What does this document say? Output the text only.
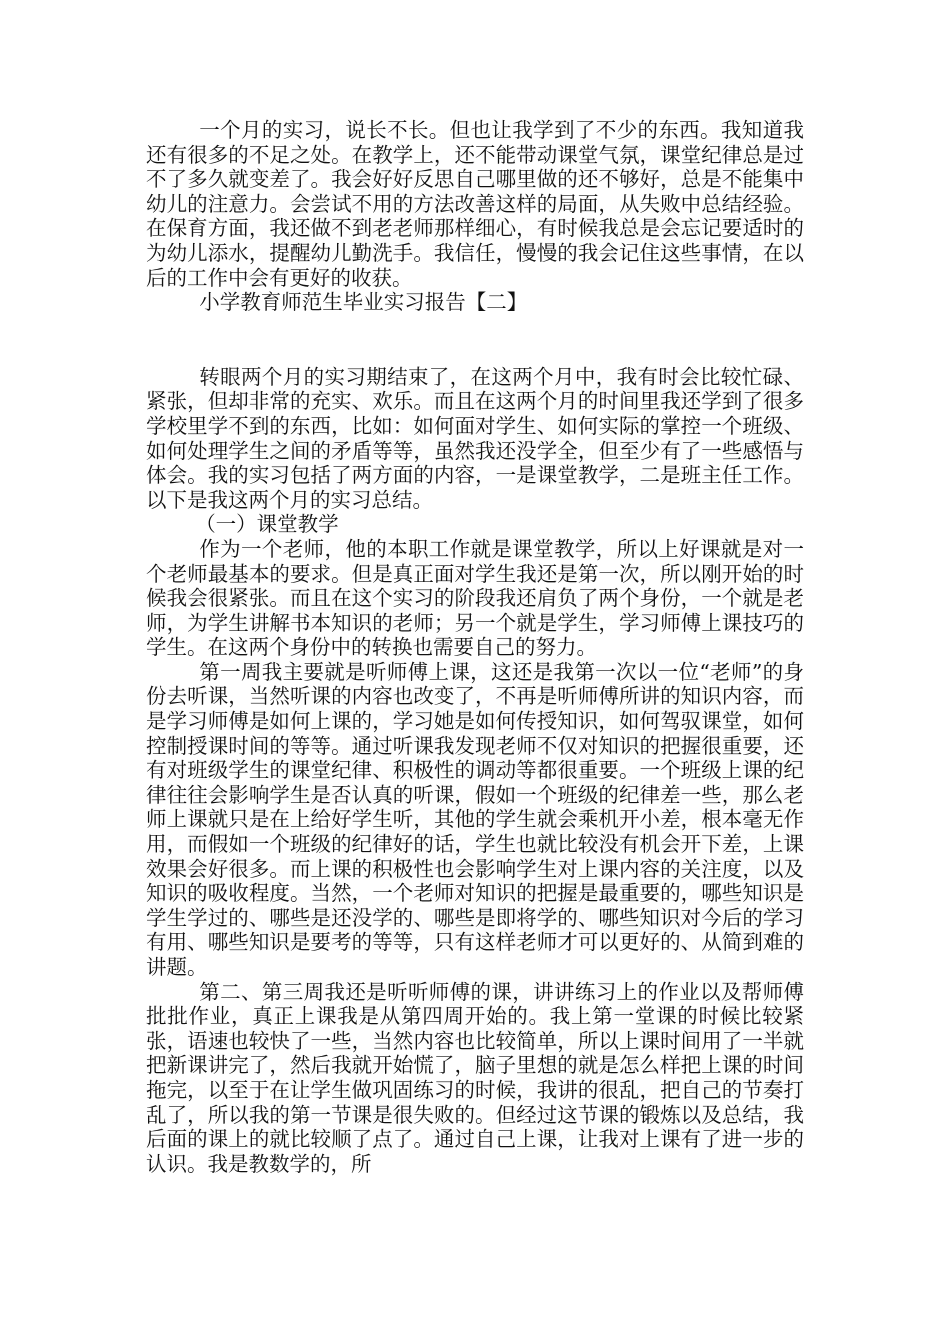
一个月的实习，说长不长。但也让我学到了不少的东西。我知道我还有很多的不足之处。在教学上，还不能带动课堂气氛，课堂纪律总是过不了多久就变差了。我会好好反思自己哪里做的还不够好，总是不能集中幼儿的注意力。会尝试不用的方法改善这样的局面，从失败中总结经验。在保育方面，我还做不到老老师那样细心，有时候我总是会忘记要适时的为幼儿添水，提醒幼儿勤洗手。我信任，慢慢的我会记住这些事情，在以后的工作中会有更好的收获。

小学教育师范生毕业实习报告【二】

转眼两个月的实习期结束了，在这两个月中，我有时会比较忙碌、紧张，但却非常的充实、欢乐。而且在这两个月的时间里我还学到了很多学校里学不到的东西，比如：如何面对学生、如何实际的掌控一个班级、如何处理学生之间的矛盾等等，虽然我还没学全，但至少有了一些感悟与体会。我的实习包括了两方面的内容，一是课堂教学，二是班主任工作。以下是我这两个月的实习总结。

（一）课堂教学

作为一个老师，他的本职工作就是课堂教学，所以上好课就是对一个老师最基本的要求。但是真正面对学生我还是第一次，所以刚开始的时候我会很紧张。而且在这个实习的阶段我还肩负了两个身份，一个就是老师，为学生讲解书本知识的老师；另一个就是学生，学习师傅上课技巧的学生。在这两个身份中的转换也需要自己的努力。

第一周我主要就是听师傅上课，这还是我第一次以一位“老师”的身份去听课，当然听课的内容也改变了，不再是听师傅所讲的知识内容，而是学习师傅是如何上课的，学习她是如何传授知识，如何驾驭课堂，如何控制授课时间的等等。通过听课我发现老师不仅对知识的把握很重要，还有对班级学生的课堂纪律、积极性的调动等都很重要。一个班级上课的纪律往往会影响学生是否认真的听课，假如一个班级的纪律差一些，那么老师上课就只是在上给好学生听，其他的学生就会乘机开小差，根本毫无作用，而假如一个班级的纪律好的话，学生也就比较没有机会开下差，上课效果会好很多。而上课的积极性也会影响学生对上课内容的关注度，以及知识的吸收程度。当然，一个老师对知识的把握是最重要的，哪些知识是学生学过的、哪些是还没学的、哪些是即将学的、哪些知识对今后的学习有用、哪些知识是要考的等等，只有这样老师才可以更好的、从简到难的讲题。

第二、第三周我还是听听师傅的课，讲讲练习上的作业以及帮师傅批批作业，真正上课我是从第四周开始的。我上第一堂课的时候比较紧张，语速也较快了一些，当然内容也比较简单，所以上课时间用了一半就把新课讲完了，然后我就开始慌了，脑子里想的就是怎么样把上课的时间拖完，以至于在让学生做巩固练习的时候，我讲的很乱，把自己的节奏打乱了，所以我的第一节课是很失败的。但经过这节课的锻炼以及总结，我后面的课上的就比较顺了点了。通过自己上课，让我对上课有了进一步的认识。我是教数学的，所
